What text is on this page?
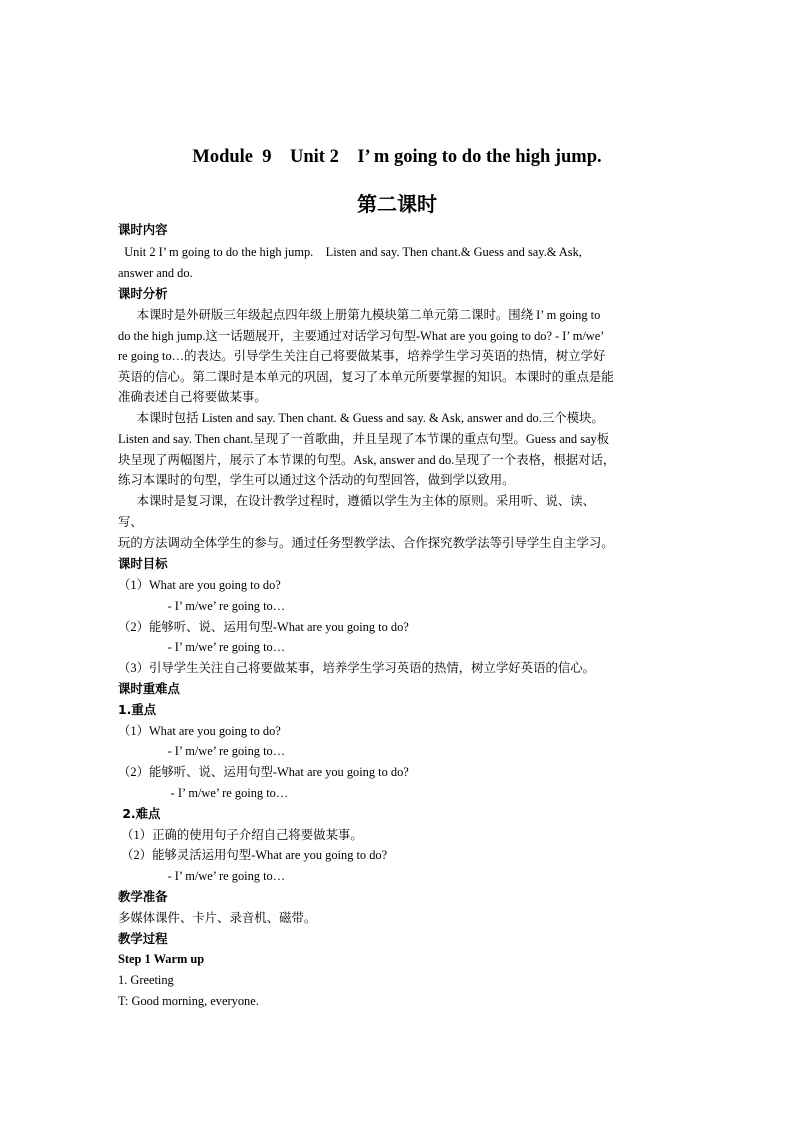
Module  9    Unit 2    I’ m going to do the high jump.
第二课时
课时内容
Unit 2 I’ m going to do the high jump.    Listen and say. Then chant.& Guess and say.& Ask,
answer and do.
课时分析
本课时是外研版三年级起点四年级上册第九模块第二单元第二课时。围绕 I’ m going to
do the high jump.这一话题展开，主要通过对话学习句型-What are you going to do? - I’ m/we’
re going to…的表达。引导学生关注自己将要做某事，培养学生学习英语的热情，树立学好
英语的信心。第二课时是本单元的巩固，复习了本单元所要掌握的知识。本课时的重点是能
准确表述自己将要做某事。
本课时包括 Listen and say. Then chant. & Guess and say. & Ask, answer and do.三个模块。
Listen and say. Then chant.呈现了一首歌曲，并且呈现了本节课的重点句型。Guess and say板
块呈现了两幅图片，展示了本节课的句型。Ask, answer and do.呈现了一个表格，根据对话，
练习本课时的句型，学生可以通过这个活动的句型回答，做到学以致用。
本课时是复习课，在设计教学过程时，遵循以学生为主体的原则。采用听、说、读、
写、
玩的方法调动全体学生的参与。通过任务型教学法、合作探究教学法等引导学生自主学习。
课时目标
（1）What are you going to do?
- I’ m/we’ re going to…
（2）能够听、说、运用句型-What are you going to do?
- I’ m/we’ re going to…
（3）引导学生关注自己将要做某事，培养学生学习英语的热情，树立学好英语的信心。
课时重难点
1.重点
（1）What are you going to do?
- I’ m/we’ re going to…
（2）能够听、说、运用句型-What are you going to do?
- I’ m/we’ re going to…
2.难点
（1）正确的使用句子介绍自己将要做某事。
（2）能够灵活运用句型-What are you going to do?
- I’ m/we’ re going to…
教学准备
多媒体课件、卡片、录音机、磁带。
教学过程
Step 1 Warm up
1. Greeting
T: Good morning, everyone.
